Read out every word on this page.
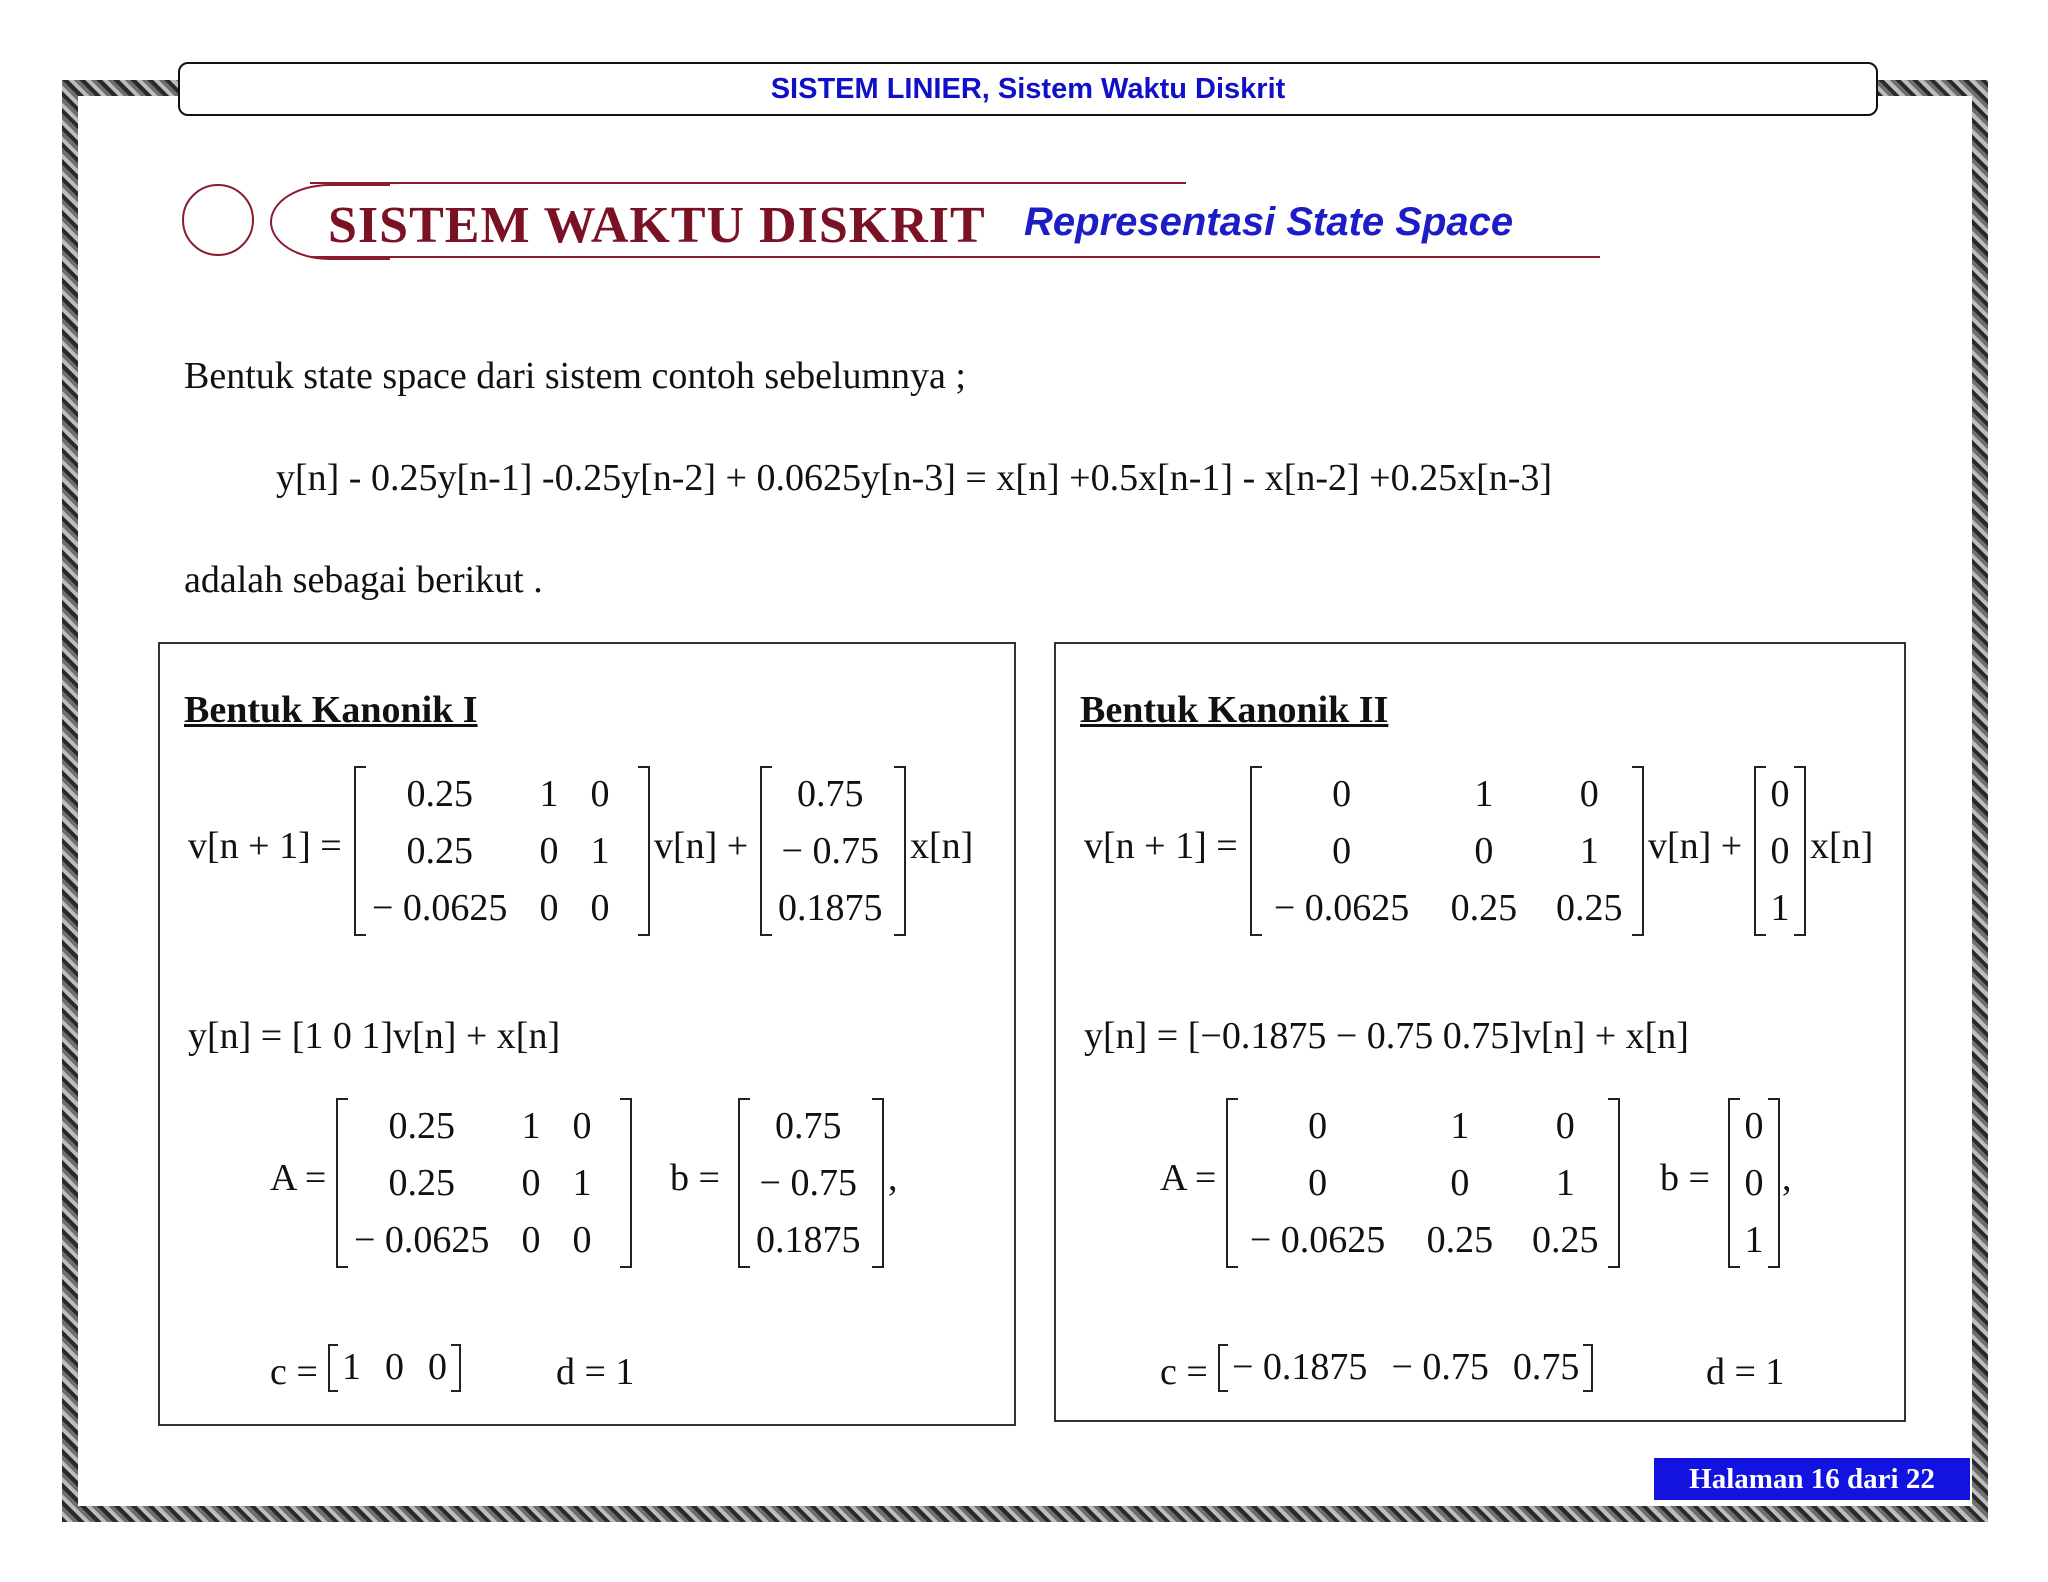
SISTEM LINIER, Sistem Waktu Diskrit
SISTEM WAKTU DISKRIT Representasi State Space
Bentuk state space dari sistem contoh sebelumnya ;
y[n] - 0.25y[n-1] -0.25y[n-2] + 0.0625y[n-3] = x[n] +0.5x[n-1] - x[n-2] +0.25x[n-3]
adalah sebagai berikut .
Bentuk Kanonik I
v[n + 1] =
0.25	1	0
0.25	0	1
− 0.0625	0	0
v[n] +
0.75
− 0.75
0.1875
x[n]
y[n] = [1 0 1]v[n] + x[n]
A =
0.25	1	0
0.25	0	1
− 0.0625	0	0
b =
0.75
− 0.75
0.1875
,
c = 1 0 0	d = 1
Bentuk Kanonik II
v[n + 1] =
0	1	0
0	0	1
− 0.0625	0.25	0.25
v[n] +
0
0
1
x[n]
y[n] = [−0.1875 − 0.75 0.75]v[n] + x[n]
A =
0	1	0
0	0	1
− 0.0625	0.25	0.25
b =
0
0
1
,
c = − 0.1875 − 0.75 0.75	d = 1
Halaman 16 dari 22
